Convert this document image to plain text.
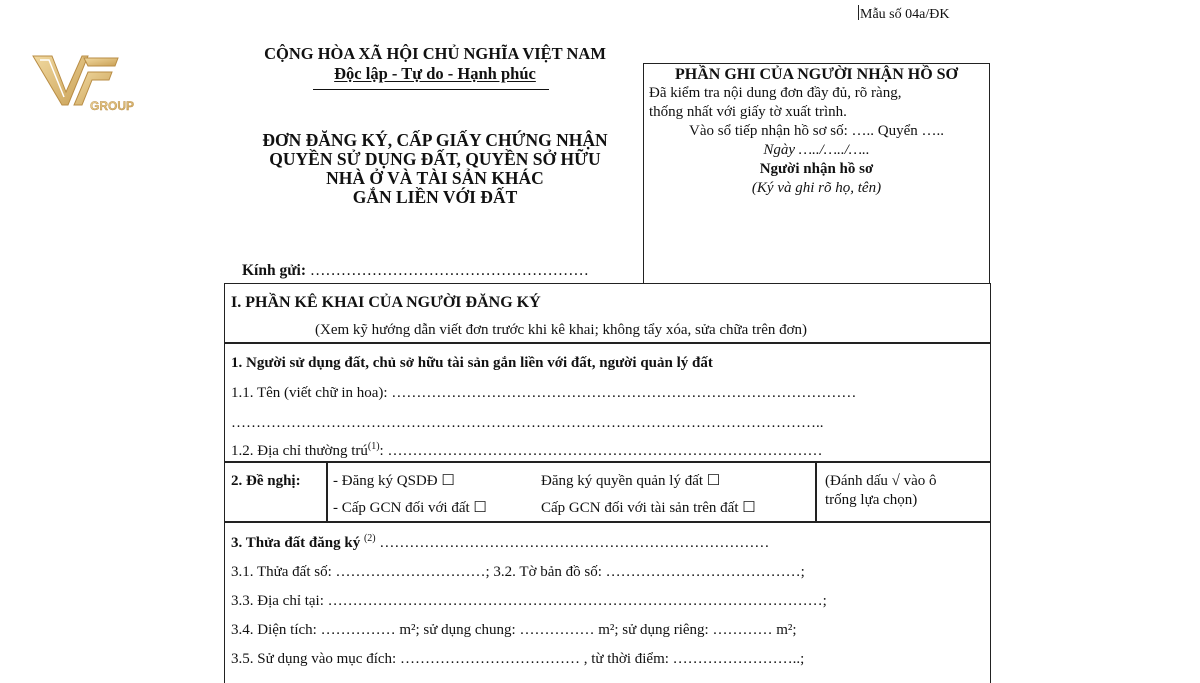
GROUP
Mẫu số 04a/ĐK
CỘNG HÒA XÃ HỘI CHỦ NGHĨA VIỆT NAM
Độc lập - Tự do - Hạnh phúc
ĐƠN ĐĂNG KÝ, CẤP GIẤY CHỨNG NHẬN
QUYỀN SỬ DỤNG ĐẤT, QUYỀN SỞ HỮU
NHÀ Ở VÀ TÀI SẢN KHÁC
GẮN LIỀN VỚI ĐẤT
Kính gửi: ………………………………………………
PHẦN GHI CỦA NGƯỜI NHẬN HỒ SƠ
Đã kiểm tra nội dung đơn đầy đủ, rõ ràng,
thống nhất với giấy tờ xuất trình.
Vào sổ tiếp nhận hồ sơ số: ….. Quyển …..
Ngày …../…../…..
Người nhận hồ sơ
(Ký và ghi rõ họ, tên)
I. PHẦN KÊ KHAI CỦA NGƯỜI ĐĂNG KÝ
(Xem kỹ hướng dẫn viết đơn trước khi kê khai; không tẩy xóa, sửa chữa trên đơn)
1. Người sử dụng đất, chủ sở hữu tài sản gắn liền với đất, người quản lý đất
1.1. Tên (viết chữ in hoa): …………………………………………………………………………………
………………………………………………………………………………………………………..
1.2. Địa chỉ thường trú$^{(1)}$: ……………………………………………………………………………
2. Đề nghị: - Đăng ký QSDĐ ☐	Đăng ký quyền quản lý đất ☐
- Cấp GCN đối với đất ☐	Cấp GCN đối với tài sản trên đất ☐
(Đánh dấu √ vào ô
trống lựa chọn)
3. Thửa đất đăng ký $^{(2)}$ ……………………………………………………………………
3.1. Thửa đất số: …………………………; 3.2. Tờ bản đồ số: …………………………………;
3.3. Địa chỉ tại: ………………………………………………………………………………………;
3.4. Diện tích: …………… m²; sử dụng chung: …………… m²; sử dụng riêng: ………… m²;
3.5. Sử dụng vào mục đích: ……………………………… , từ thời điểm: ……………………..;
